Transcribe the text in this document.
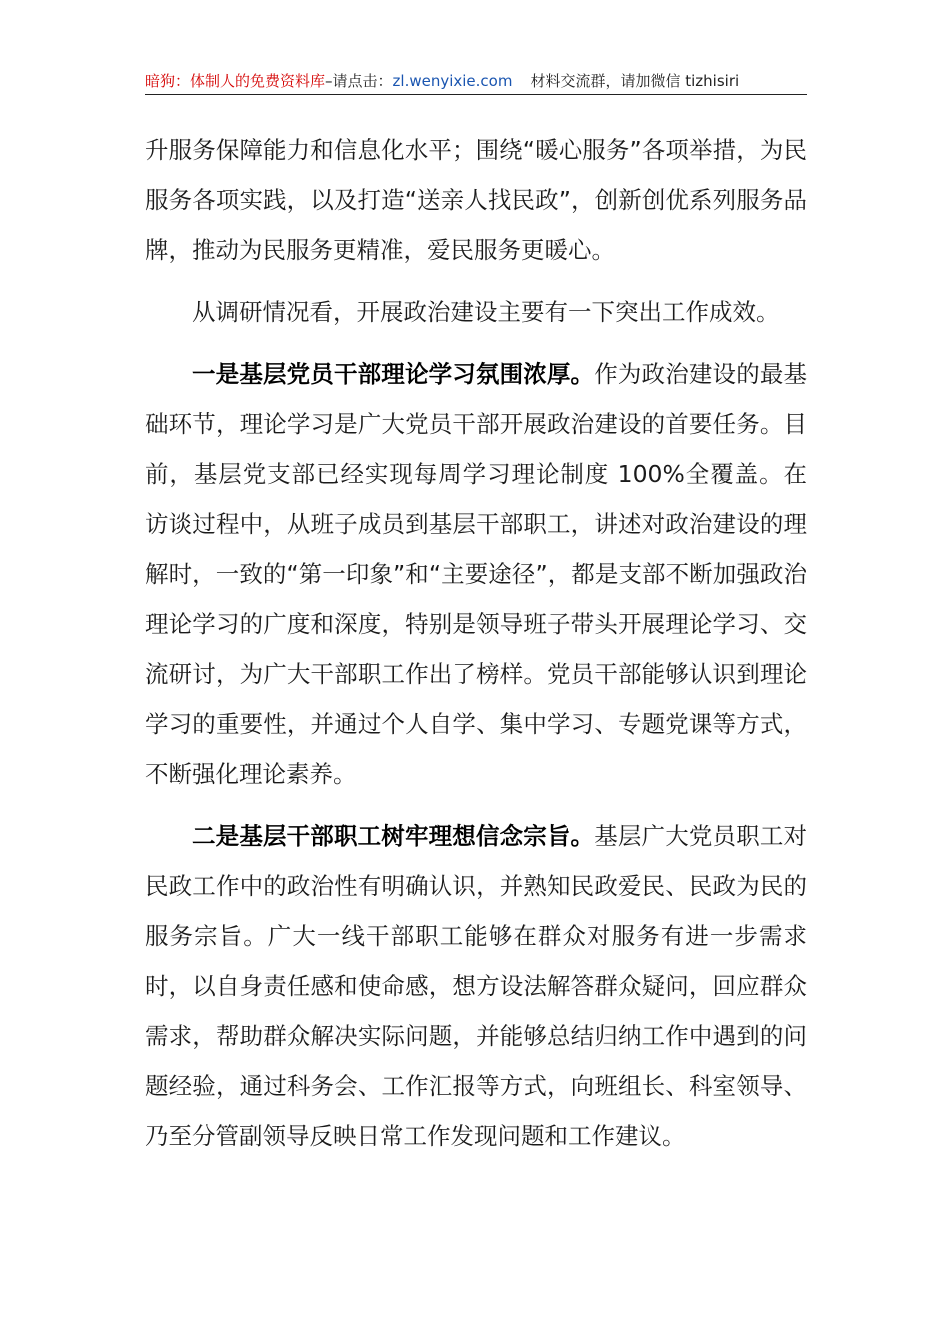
暗狗：体制人的免费资料库–请点击：zl.wenyixie.com 材料交流群，请加微信 tizhisiri

升服务保障能力和信息化水平；围绕“暖心服务”各项举措，为民服务各项实践，以及打造“送亲人找民政”，创新创优系列服务品牌，推动为民服务更精准，爱民服务更暖心。

从调研情况看，开展政治建设主要有一下突出工作成效。

一是基层党员干部理论学习氛围浓厚。作为政治建设的最基础环节，理论学习是广大党员干部开展政治建设的首要任务。目前，基层党支部已经实现每周学习理论制度 100%全覆盖。在访谈过程中，从班子成员到基层干部职工，讲述对政治建设的理解时，一致的“第一印象”和“主要途径”，都是支部不断加强政治理论学习的广度和深度，特别是领导班子带头开展理论学习、交流研讨，为广大干部职工作出了榜样。党员干部能够认识到理论学习的重要性，并通过个人自学、集中学习、专题党课等方式，不断强化理论素养。

二是基层干部职工树牢理想信念宗旨。基层广大党员职工对民政工作中的政治性有明确认识，并熟知民政爱民、民政为民的服务宗旨。广大一线干部职工能够在群众对服务有进一步需求时，以自身责任感和使命感，想方设法解答群众疑问，回应群众需求，帮助群众解决实际问题，并能够总结归纳工作中遇到的问题经验，通过科务会、工作汇报等方式，向班组长、科室领导、乃至分管副领导反映日常工作发现问题和工作建议。
